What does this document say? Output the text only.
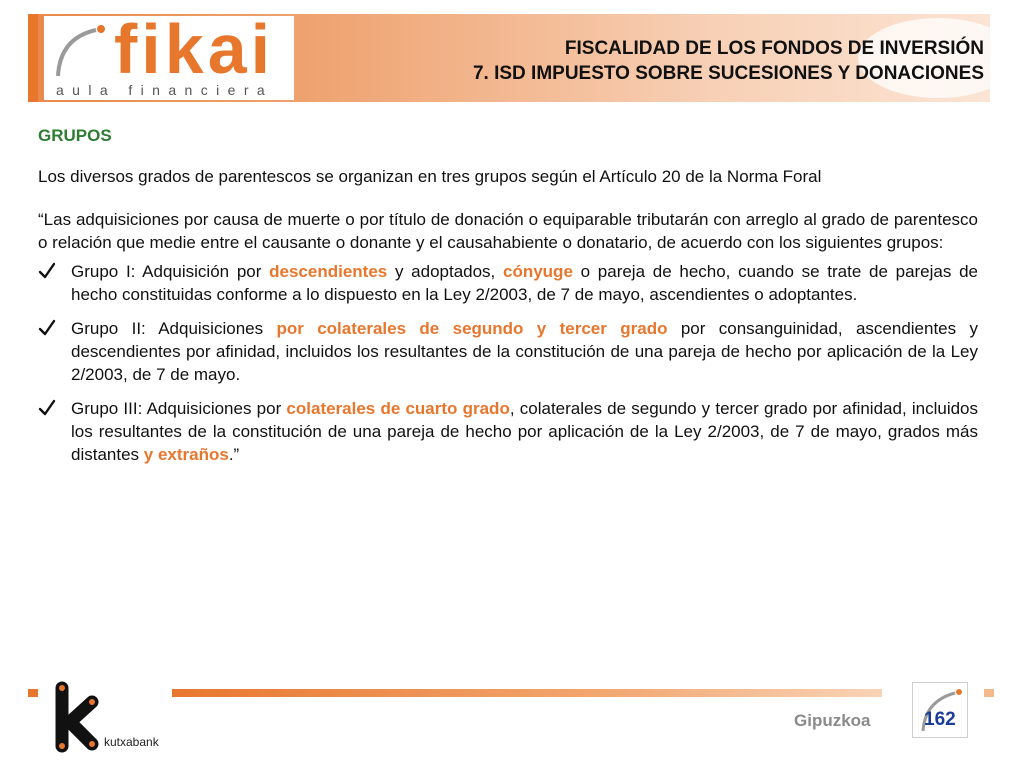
fikai
aula financiera
FISCALIDAD DE LOS FONDOS DE INVERSIÓN
7. ISD IMPUESTO SOBRE SUCESIONES Y DONACIONES
GRUPOS

Los diversos grados de parentescos se organizan en tres grupos según el Artículo 20 de la Norma Foral

“Las adquisiciones por causa de muerte o por título de donación o equiparable tributarán con arreglo al grado de parentesco o relación que medie entre el causante o donante y el causahabiente o donatario, de acuerdo con los siguientes grupos:

Grupo I: Adquisición por descendientes y adoptados, cónyuge o pareja de hecho, cuando se trate de parejas de hecho constituidas conforme a lo dispuesto en la Ley 2/2003, de 7 de mayo, ascendientes o adoptantes.
Grupo II: Adquisiciones por colaterales de segundo y tercer grado por consanguinidad, ascendientes y descendientes por afinidad, incluidos los resultantes de la constitución de una pareja de hecho por aplicación de la Ley 2/2003, de 7 de mayo.
Grupo III: Adquisiciones por colaterales de cuarto grado, colaterales de segundo y tercer grado por afinidad, incluidos los resultantes de la constitución de una pareja de hecho por aplicación de la Ley 2/2003, de 7 de mayo, grados más distantes y extraños.”
kutxabank
Gipuzkoa	162
